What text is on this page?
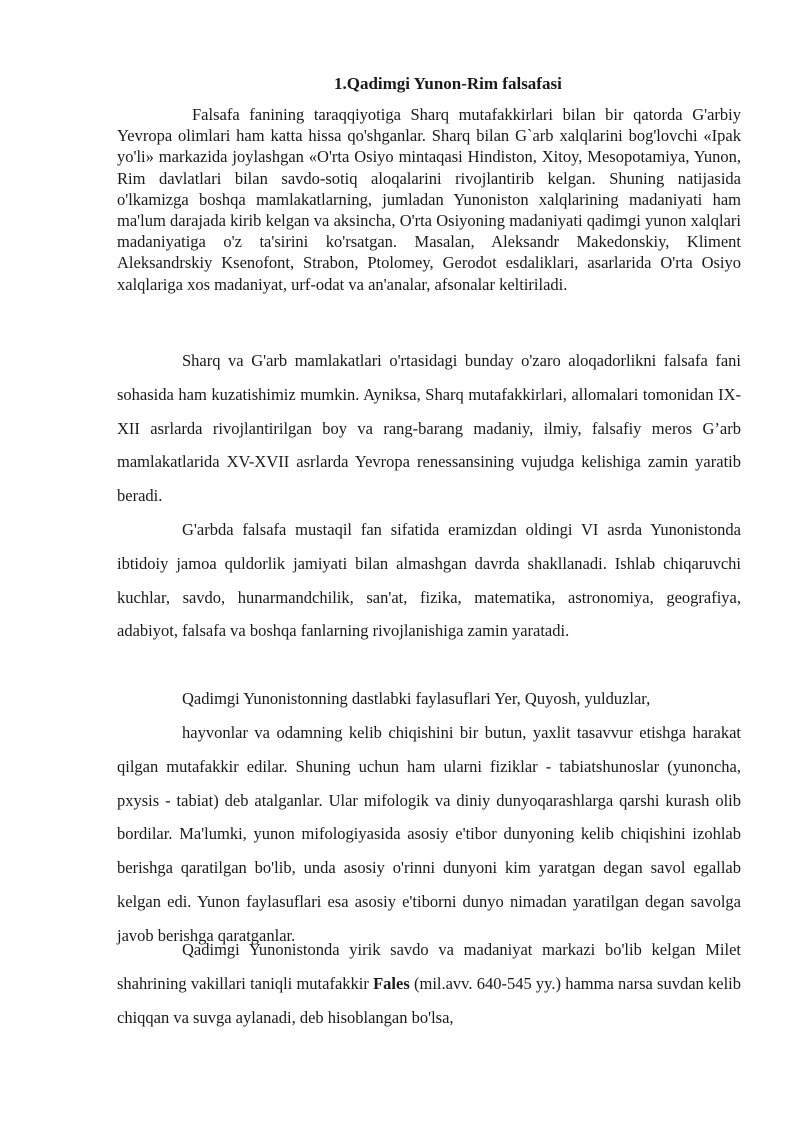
1.Qadimgi Yunon-Rim falsafasi

Falsafa fanining taraqqiyotiga Sharq mutafakkirlari bilan bir qatorda G'arbiy Yevropa olimlari ham katta hissa qo'shganlar. Sharq bilan G`arb xalqlarini bog'lovchi «Ipak yo'li» markazida joylashgan «O'rta Osiyo mintaqasi Hindiston, Xitoy, Mesopotamiya, Yunon, Rim davlatlari bilan savdo-sotiq aloqalarini rivojlantirib kelgan. Shuning natijasida o'lkamizga boshqa mamlakatlarning, jumladan Yunoniston xalqlarining madaniyati ham ma'lum darajada kirib kelgan va aksincha, O'rta Osiyoning madaniyati qadimgi yunon xalqlari madaniyatiga o'z ta'sirini ko'rsatgan. Masalan, Aleksandr Makedonskiy, Kliment Aleksandrskiy Ksenofont, Strabon, Ptolomey, Gerodot esdaliklari, asarlarida O'rta Osiyo xalqlariga xos madaniyat, urf-odat va an'analar, afsonalar keltiriladi.

Sharq va G'arb mamlakatlari o'rtasidagi bunday o'zaro aloqadorlikni falsafa fani sohasida ham kuzatishimiz mumkin. Ayniksa, Sharq mutafakkirlari, allomalari tomonidan IX-XII asrlarda rivojlantirilgan boy va rang-barang madaniy, ilmiy, falsafiy meros G’arb mamlakatlarida XV-XVII asrlarda Yevropa renessansining vujudga kelishiga zamin yaratib beradi.

G'arbda falsafa mustaqil fan sifatida eramizdan oldingi VI asrda Yunonistonda ibtidoiy jamoa quldorlik jamiyati bilan almashgan davrda shakllanadi. Ishlab chiqaruvchi kuchlar, savdo, hunarmandchilik, san'at, fizika, matematika, astronomiya, geografiya, adabiyot, falsafa va boshqa fanlarning rivojlanishiga zamin yaratadi.

Qadimgi Yunonistonning dastlabki faylasuflari Yer, Quyosh, yulduzlar,

hayvonlar va odamning kelib chiqishini bir butun, yaxlit tasavvur etishga harakat qilgan mutafakkir edilar. Shuning uchun ham ularni fiziklar - tabiatshunoslar (yunoncha, pxysis - tabiat) deb atalganlar. Ular mifologik va diniy dunyoqarashlarga qarshi kurash olib bordilar. Ma'lumki, yunon mifologiyasida asosiy e'tibor dunyoning kelib chiqishini izohlab berishga qaratilgan bo'lib, unda asosiy o'rinni dunyoni kim yaratgan degan savol egallab kelgan edi. Yunon faylasuflari esa asosiy e'tiborni dunyo nimadan yaratilgan degan savolga javob berishga qaratganlar.

Qadimgi Yunonistonda yirik savdo va madaniyat markazi bo'lib kelgan Milet shahrining vakillari taniqli mutafakkir Fales (mil.avv. 640-545 yy.) hamma narsa suvdan kelib chiqqan va suvga aylanadi, deb hisoblangan bo'lsa,
